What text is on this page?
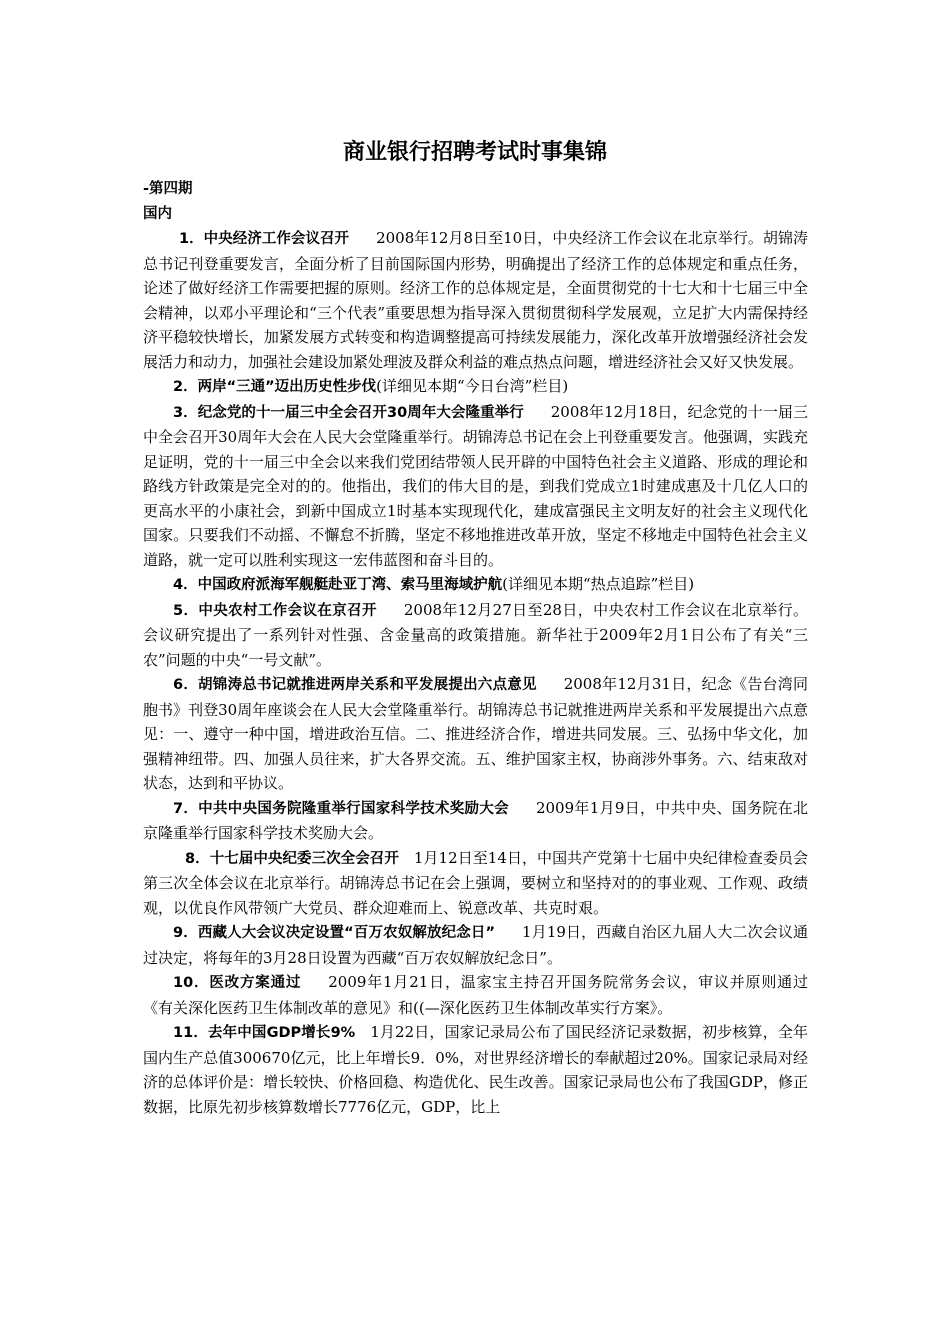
商业银行招聘考试时事集锦
-第四期
国内
1．中央经济工作会议召开 2008年12月8日至10日，中央经济工作会议在北京举行。胡锦涛总书记刊登重要发言，全面分析了目前国际国内形势，明确提出了经济工作的总体规定和重点任务，论述了做好经济工作需要把握的原则。经济工作的总体规定是，全面贯彻党的十七大和十七届三中全会精神，以邓小平理论和“三个代表”重要思想为指导深入贯彻贯彻科学发展观，立足扩大内需保持经济平稳较快增长，加紧发展方式转变和构造调整提高可持续发展能力，深化改革开放增强经济社会发展活力和动力，加强社会建设加紧处理波及群众利益的难点热点问题，增进经济社会又好又快发展。
2．两岸“三通”迈出历史性步伐(详细见本期“今日台湾”栏目)
3．纪念党的十一届三中全会召开30周年大会隆重举行 2008年12月18日，纪念党的十一届三中全会召开30周年大会在人民大会堂隆重举行。胡锦涛总书记在会上刊登重要发言。他强调，实践充足证明，党的十一届三中全会以来我们党团结带领人民开辟的中国特色社会主义道路、形成的理论和路线方针政策是完全对的的。他指出，我们的伟大目的是，到我们党成立1时建成惠及十几亿人口的更高水平的小康社会，到新中国成立1时基本实现现代化，建成富强民主文明友好的社会主义现代化国家。只要我们不动摇、不懈怠不折腾，坚定不移地推进改革开放，坚定不移地走中国特色社会主义道路，就一定可以胜利实现这一宏伟蓝图和奋斗目的。
4．中国政府派海军舰艇赴亚丁湾、索马里海域护航(详细见本期“热点追踪”栏目)
5．中央农村工作会议在京召开 2008年12月27日至28日，中央农村工作会议在北京举行。会议研究提出了一系列针对性强、含金量高的政策措施。新华社于2009年2月1日公布了有关“三农”问题的中央“一号文献”。
6．胡锦涛总书记就推进两岸关系和平发展提出六点意见 2008年12月31日，纪念《告台湾同胞书》刊登30周年座谈会在人民大会堂隆重举行。胡锦涛总书记就推进两岸关系和平发展提出六点意见：一、遵守一种中国，增进政治互信。二、推进经济合作，增进共同发展。三、弘扬中华文化，加强精神纽带。四、加强人员往来，扩大各界交流。五、维护国家主权，协商涉外事务。六、结束敌对状态，达到和平协议。
7．中共中央国务院隆重举行国家科学技术奖励大会 2009年1月9日，中共中央、国务院在北京隆重举行国家科学技术奖励大会。
8．十七届中央纪委三次全会召开 1月12日至14日，中国共产党第十七届中央纪律检查委员会第三次全体会议在北京举行。胡锦涛总书记在会上强调，要树立和坚持对的的事业观、工作观、政绩观，以优良作风带领广大党员、群众迎难而上、锐意改革、共克时艰。
9．西藏人大会议决定设置“百万农奴解放纪念日” 1月19日，西藏自治区九届人大二次会议通过决定，将每年的3月28日设置为西藏“百万农奴解放纪念日”。
10．医改方案通过 2009年1月21日，温家宝主持召开国务院常务会议，审议并原则通过《有关深化医药卫生体制改革的意见》和((—深化医药卫生体制改革实行方案》。
11．去年中国GDP增长9% 1月22日，国家记录局公布了国民经济记录数据，初步核算，全年国内生产总值300670亿元，比上年增长9．0%，对世界经济增长的奉献超过20%。国家记录局对经济的总体评价是：增长较快、价格回稳、构造优化、民生改善。国家记录局也公布了我国GDP，修正数据，比原先初步核算数增长7776亿元，GDP，比上
